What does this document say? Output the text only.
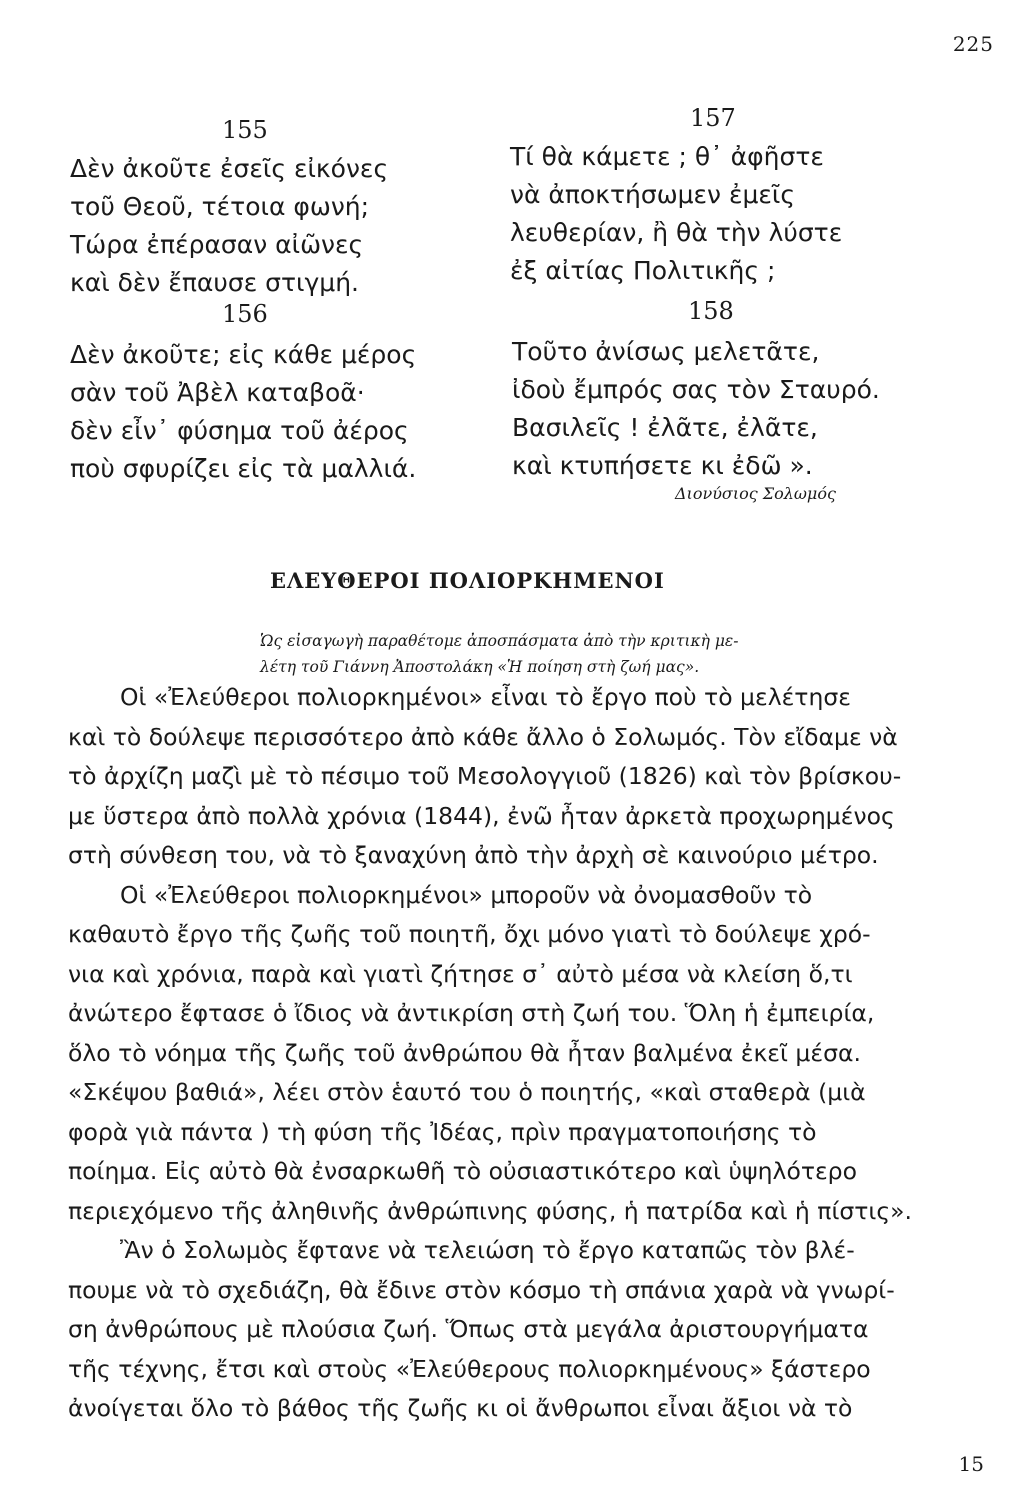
225
155
Δὲν ἀκοῦτε ἐσεῖς εἰκόνες
τοῦ Θεοῦ, τέτοια φωνή;
Τώρα ἐπέρασαν αἰῶνες
καὶ δὲν ἔπαυσε στιγμή.
156
Δὲν ἀκοῦτε; εἰς κάθε μέρος
σὰν τοῦ Ἀβὲλ καταβοᾶ·
δὲν εἶν᾽ φύσημα τοῦ ἀέρος
ποὺ σφυρίζει εἰς τὰ μαλλιά.
157
Τί θὰ κάμετε ; θ᾽ ἀφῆστε
νὰ ἀποκτήσωμεν ἐμεῖς
λευθερίαν, ἢ θὰ τὴν λύστε
ἐξ αἰτίας Πολιτικῆς ;
158
Τοῦτο ἀνίσως μελετᾶτε,
ἰδοὺ ἔμπρός σας τὸν Σταυρό.
Βασιλεῖς ! ἐλᾶτε, ἐλᾶτε,
καὶ κτυπήσετε κι ἐδῶ ».
Διονύσιος Σολωμός
ΕΛΕΥΘΕΡΟΙ ΠΟΛΙΟΡΚΗΜΕΝΟΙ
Ὡς εἰσαγωγὴ παραθέτομε ἀποσπάσματα ἀπὸ τὴν κριτικὴ με-
λέτη τοῦ Γιάννη Ἀποστολάκη «Ἡ ποίηση στὴ ζωή μας».
Οἱ «Ἐλεύθεροι πολιορκημένοι» εἶναι τὸ ἔργο ποὺ τὸ μελέτησε
καὶ τὸ δούλεψε περισσότερο ἀπὸ κάθε ἄλλο ὁ Σολωμός. Τὸν εἴδαμε νὰ
τὸ ἀρχίζη μαζὶ μὲ τὸ πέσιμο τοῦ Μεσολογγιοῦ (1826) καὶ τὸν βρίσκου-
με ὕστερα ἀπὸ πολλὰ χρόνια (1844), ἐνῶ ἦταν ἀρκετὰ προχωρημένος
στὴ σύνθεση του, νὰ τὸ ξαναχύνη ἀπὸ τὴν ἀρχὴ σὲ καινούριο μέτρο.
Οἱ «Ἐλεύθεροι πολιορκημένοι» μποροῦν νὰ ὀνομασθοῦν τὸ
καθαυτὸ ἔργο τῆς ζωῆς τοῦ ποιητῆ, ὄχι μόνο γιατὶ τὸ δούλεψε χρό-
νια καὶ χρόνια, παρὰ καὶ γιατὶ ζήτησε σ᾽ αὐτὸ μέσα νὰ κλείση ὅ,τι
ἀνώτερο ἔφτασε ὁ ἴδιος νὰ ἀντικρίση στὴ ζωή του. Ὅλη ἡ ἐμπειρία,
ὅλο τὸ νόημα τῆς ζωῆς τοῦ ἀνθρώπου θὰ ἦταν βαλμένα ἐκεῖ μέσα.
«Σκέψου βαθιά», λέει στὸν ἑαυτό του ὁ ποιητής, «καὶ σταθερὰ (μιὰ
φορὰ γιὰ πάντα ) τὴ φύση τῆς Ἰδέας, πρὶν πραγματοποιήσης τὸ
ποίημα. Εἰς αὐτὸ θὰ ἐνσαρκωθῆ τὸ οὐσιαστικότερο καὶ ὑψηλότερο
περιεχόμενο τῆς ἀληθινῆς ἀνθρώπινης φύσης, ἡ πατρίδα καὶ ἡ πίστις».
Ἂν ὁ Σολωμὸς ἔφτανε νὰ τελειώση τὸ ἔργο καταπῶς τὸν βλέ-
πουμε νὰ τὸ σχεδιάζη, θὰ ἔδινε στὸν κόσμο τὴ σπάνια χαρὰ νὰ γνωρί-
ση ἀνθρώπους μὲ πλούσια ζωή. Ὅπως στὰ μεγάλα ἀριστουργήματα
τῆς τέχνης, ἔτσι καὶ στοὺς «Ἐλεύθερους πολιορκημένους» ξάστερο
ἀνοίγεται ὅλο τὸ βάθος τῆς ζωῆς κι οἱ ἄνθρωποι εἶναι ἄξιοι νὰ τὸ
15
